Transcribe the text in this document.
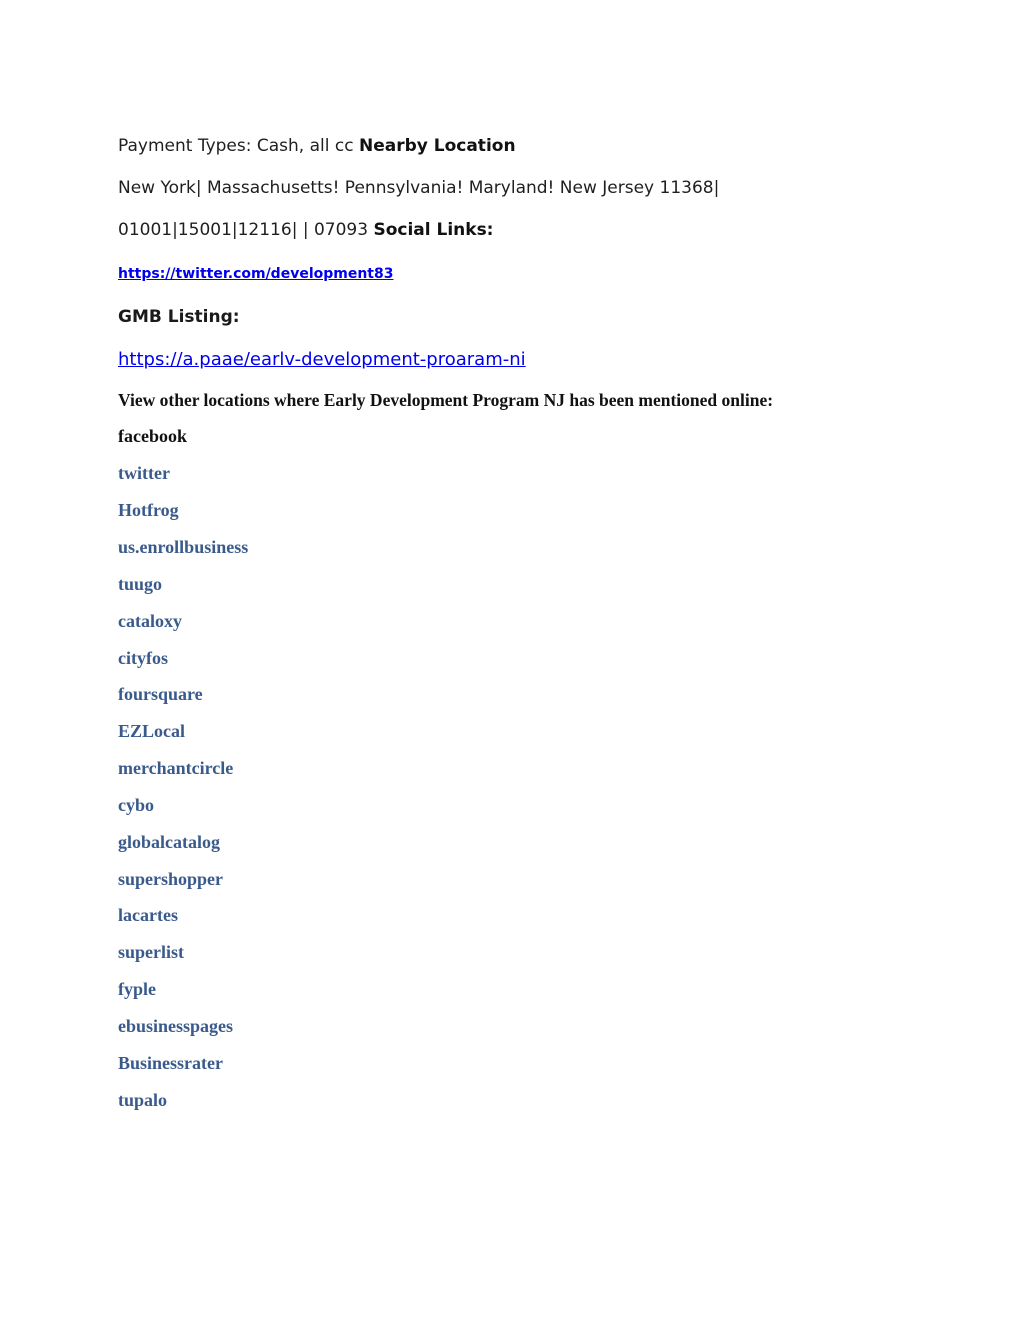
Payment Types: Cash, all cc Nearby Location
New York| Massachusetts! Pennsylvania! Maryland! New Jersey 11368|
01001|15001|12116| | 07093 Social Links:
https://twitter.com/development83
GMB Listing:
https://a.paae/earlv-development-proaram-ni
View other locations where Early Development Program NJ has been mentioned online:
facebook
twitter
Hotfrog
us.enrollbusiness
tuugo
cataloxy
cityfos
foursquare
EZLocal
merchantcircle
cybo
globalcatalog
supershopper
lacartes
superlist
fyple
ebusinesspages
Businessrater
tupalo
